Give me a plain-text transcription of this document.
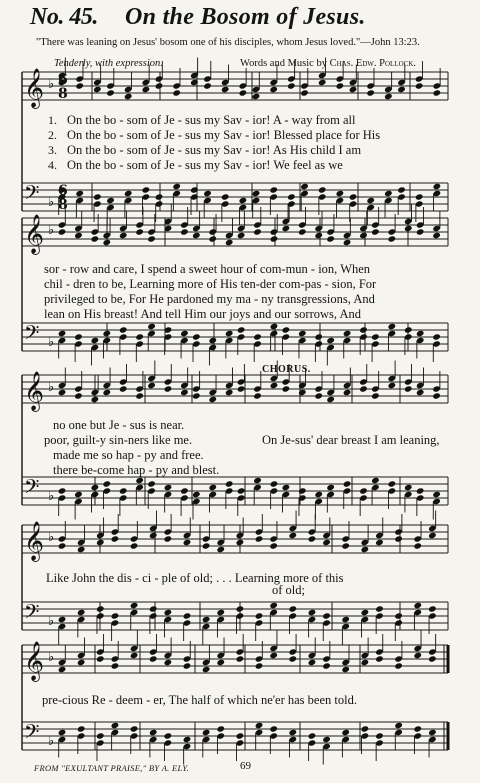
No. 45. On the Bosom of Jesus.
"There was leaning on Jesus' bosom one of his disciples, whom Jesus loved."—John 13:23.
Tenderly, with expression.	Words and Music by Chas. Edw. Pollock.
𝄞 ♭
𝄢 ♭
6
8
6
8
𝄞 ♭
𝄢 ♭
𝄞 ♭
𝄢 ♭
𝄞 ♭
𝄢 ♭
𝄞 ♭
𝄢 ♭
1. On the bo - som of Je - sus my Sav - ior! A - way from all
2. On the bo - som of Je - sus my Sav - ior! Blessed place for His
3. On the bo - som of Je - sus my Sav - ior! As His child I am
4. On the bo - som of Je - sus my Sav - ior! We feel as we
sor - row and care, I spend a sweet hour of com-mun - ion, When
chil - dren to be, Learning more of His ten-der com-pas - sion, For
privileged to be, For He pardoned my ma - ny transgressions, And
lean on His breast! And tell Him our joys and our sorrows, And
CHORUS.
no one but Je - sus is near.
poor, guilt-y sin-ners like me.	On Je-sus' dear breast I am leaning,
made me so hap - py and free.
there be-come hap - py and blest.
Like John the dis - ci - ple of old; . . . Learning more of this
of old;
pre-cious Re - deem - er, The half of which ne'er has been told.
FROM "EXULTANT PRAISE," BY A. ELY.	69
